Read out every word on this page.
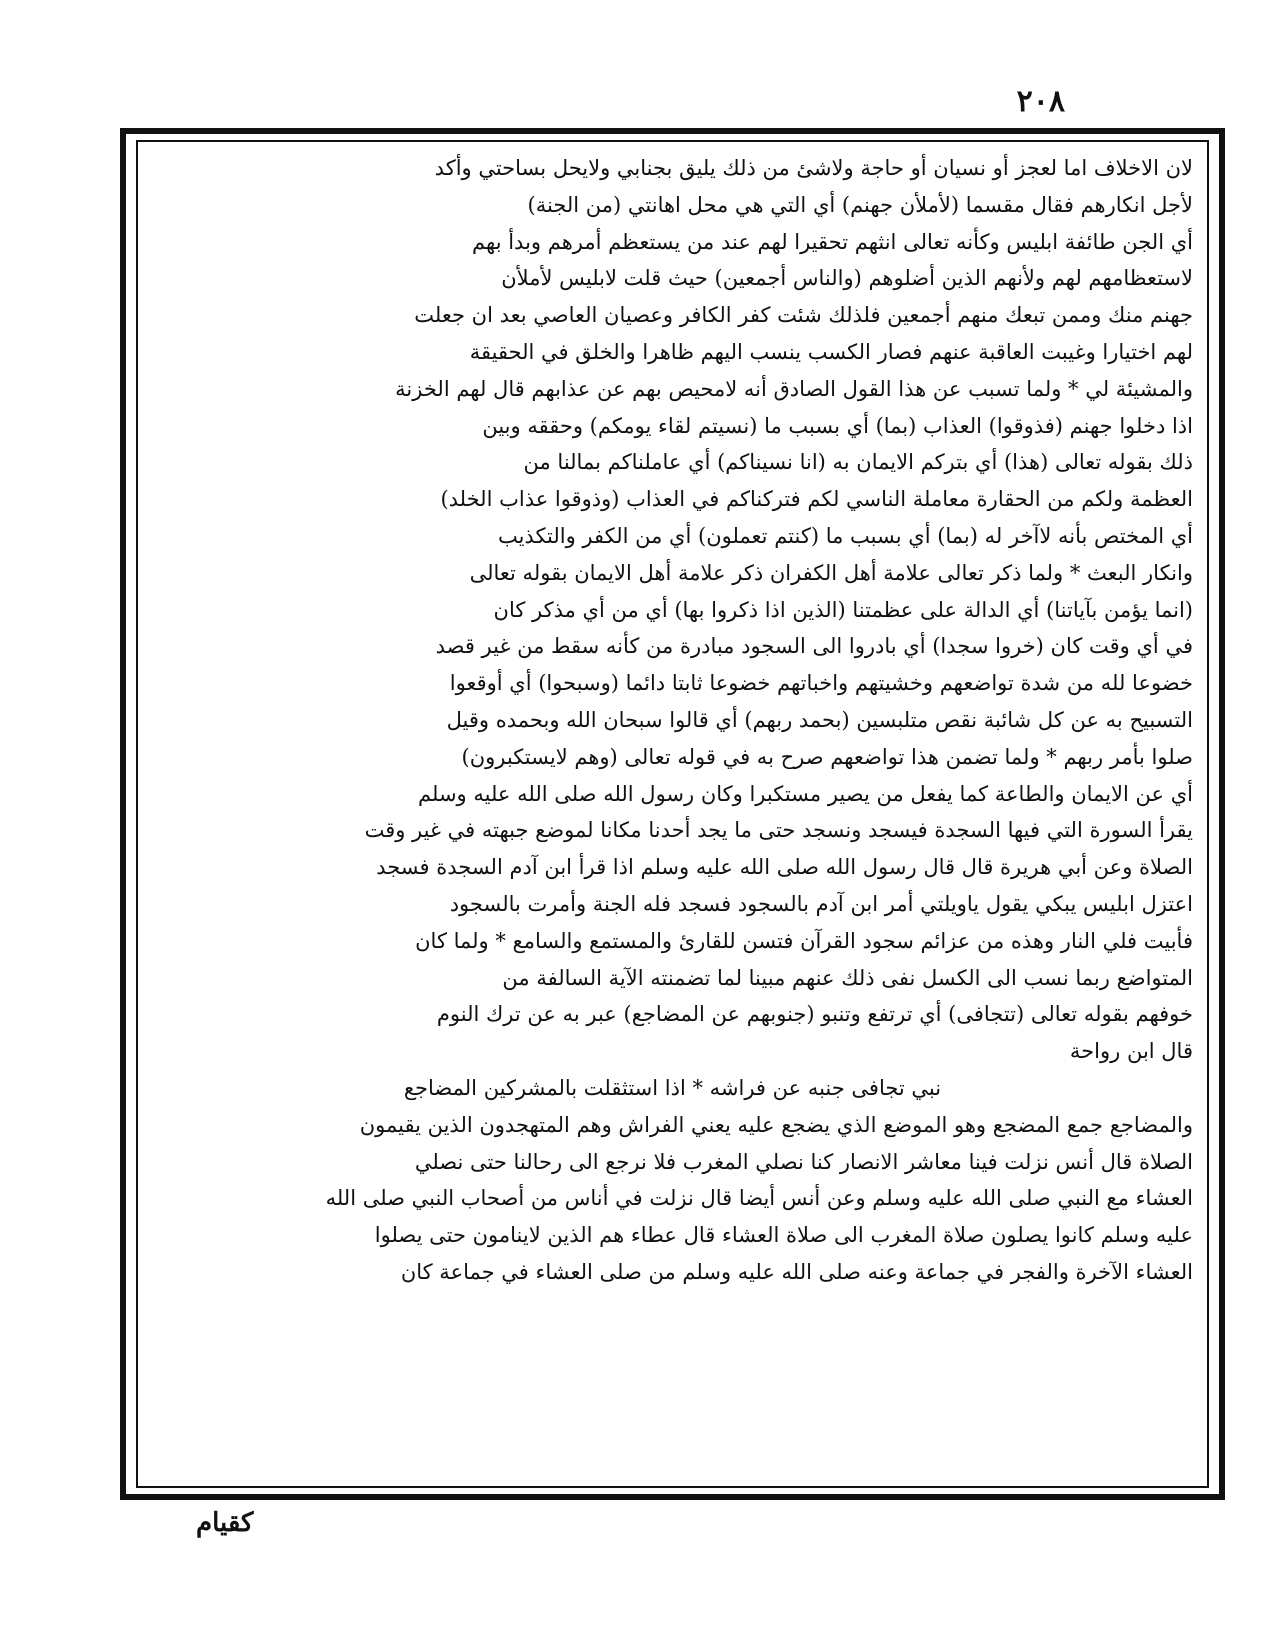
٢٠٨
لان الاخلاف اما لعجز أو نسيان أو حاجة ولاشئ من ذلك يليق بجنابي ولايحل بساحتي وأكد
لأجل انكارهم فقال مقسما (لأملأن جهنم) أي التي هي محل اهانتي (من الجنة)
أي الجن طائفة ابليس وكأنه تعالى انثهم تحقيرا لهم عند من يستعظم أمرهم وبدأ بهم
لاستعظامهم لهم ولأنهم الذين أضلوهم (والناس أجمعين) حيث قلت لابليس لأملأن
جهنم منك وممن تبعك منهم أجمعين فلذلك شئت كفر الكافر وعصيان العاصي بعد ان جعلت
لهم اختيارا وغيبت العاقبة عنهم فصار الكسب ينسب اليهم ظاهرا والخلق في الحقيقة
والمشيئة لي * ولما تسبب عن هذا القول الصادق أنه لامحيص بهم عن عذابهم قال لهم الخزنة
اذا دخلوا جهنم (فذوقوا) العذاب (بما) أي بسبب ما (نسيتم لقاء يومكم) وحققه وبين
ذلك بقوله تعالى (هذا) أي بتركم الايمان به (انا نسيناكم) أي عاملناكم بمالنا من
العظمة ولكم من الحقارة معاملة الناسي لكم فتركناكم في العذاب (وذوقوا عذاب الخلد)
أي المختص بأنه لاآخر له (بما) أي بسبب ما (كنتم تعملون) أي من الكفر والتكذيب
وانكار البعث * ولما ذكر تعالى علامة أهل الكفران ذكر علامة أهل الايمان بقوله تعالى
(انما يؤمن بآياتنا) أي الدالة على عظمتنا (الذين اذا ذكروا بها) أي من أي مذكر كان
في أي وقت كان (خروا سجدا) أي بادروا الى السجود مبادرة من كأنه سقط من غير قصد
خضوعا لله من شدة تواضعهم وخشيتهم واخباتهم خضوعا ثابتا دائما (وسبحوا) أي أوقعوا
التسبيح به عن كل شائبة نقص متلبسين (بحمد ربهم) أي قالوا سبحان الله وبحمده وقيل
صلوا بأمر ربهم * ولما تضمن هذا تواضعهم صرح به في قوله تعالى (وهم لايستكبرون)
أي عن الايمان والطاعة كما يفعل من يصير مستكبرا وكان رسول الله صلى الله عليه وسلم
يقرأ السورة التي فيها السجدة فيسجد ونسجد حتى ما يجد أحدنا مكانا لموضع جبهته في غير وقت
الصلاة وعن أبي هريرة قال قال رسول الله صلى الله عليه وسلم اذا قرأ ابن آدم السجدة فسجد
اعتزل ابليس يبكي يقول ياويلتي أمر ابن آدم بالسجود فسجد فله الجنة وأمرت بالسجود
فأبيت فلي النار وهذه من عزائم سجود القرآن فتسن للقارئ والمستمع والسامع * ولما كان
المتواضع ربما نسب الى الكسل نفى ذلك عنهم مبينا لما تضمنته الآية السالفة من
خوفهم بقوله تعالى (تتجافى) أي ترتفع وتنبو (جنوبهم عن المضاجع) عبر به عن ترك النوم
قال ابن رواحة
نبي تجافى جنبه عن فراشه * اذا استثقلت بالمشركين المضاجع
والمضاجع جمع المضجع وهو الموضع الذي يضجع عليه يعني الفراش وهم المتهجدون الذين يقيمون
الصلاة قال أنس نزلت فينا معاشر الانصار كنا نصلي المغرب فلا نرجع الى رحالنا حتى نصلي
العشاء مع النبي صلى الله عليه وسلم وعن أنس أيضا قال نزلت في أناس من أصحاب النبي صلى الله
عليه وسلم كانوا يصلون صلاة المغرب الى صلاة العشاء قال عطاء هم الذين لاينامون حتى يصلوا
العشاء الآخرة والفجر في جماعة وعنه صلى الله عليه وسلم من صلى العشاء في جماعة كان
كقيام
